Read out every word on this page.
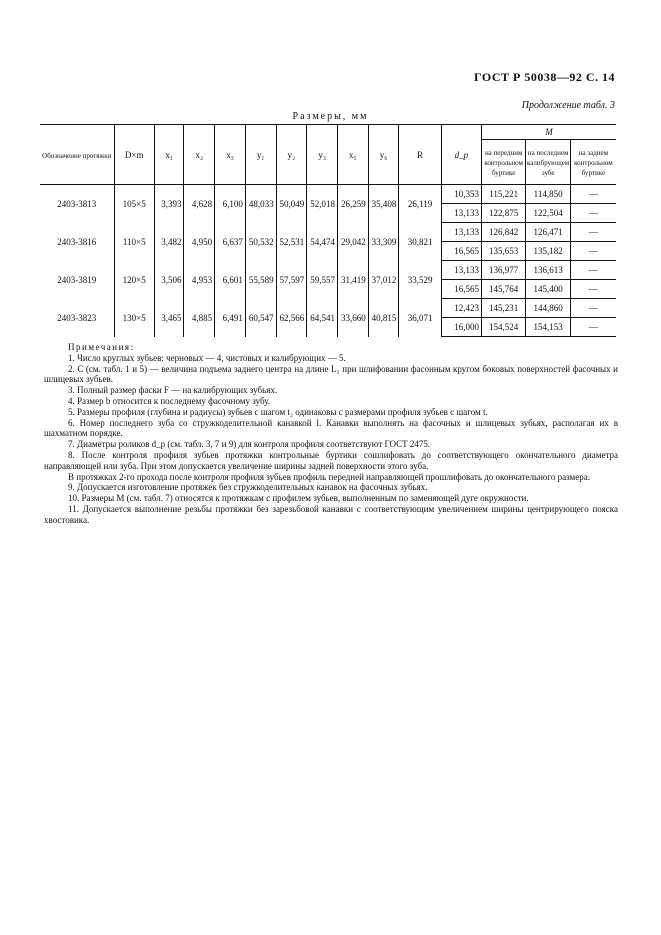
ГОСТ Р 50038—92 С. 14
Продолжение табл. 3
Размеры, мм
Обозначение протяжки	D×m	x₁	x₂	x₃	y₁	y₂	y₃	x₅	y₆	R	d_p	M		
												на передним контрольном буртике	на последнем калибрующем зубе	на заднем контрольном буртике
2403-3813	105×5	3,393	4,628	6,100	48,033	50,049	52,018	26,259	35,408	26,119	10,353	115,221	114,850	—
											13,133	122,875	122,504	—
2403-3816	110×5	3,482	4,950	6,637	50,532	52,531	54,474	29,042	33,309	30,821	13,133	126,842	126,471	—
											16,565	135,653	135,182	—
2403-3819	120×5	3,506	4,953	6,601	55,589	57,597	59,557	31,419	37,012	33,529	13,133	136,977	136,613	—
											16,565	145,764	145,400	—
2403-3823	130×5	3,465	4,885	6,491	60,547	62,566	64,541	33,660	40,815	36,071	12,423	145,231	144,860	—
											16,000	154,524	154,153	—

Примечания:

1. Число круглых зубьев: черновых — 4, чистовых и калибрующих — 5.

2. C (см. табл. 1 и 5) — величина подъема заднего центра на длине L₁ при шлифовании фасонным кругом боковых поверхностей фасочных и шлицевых зубьев.

3. Полный размер фаски F — на калибрующих зубьях.

4. Размер b относится к последнему фасочному зубу.

5. Размеры профиля (глубина и радиусы) зубьев с шагом t₂ одинаковы с размерами профиля зубьев с шагом t.

6. Номер последнего зуба со стружкоделительной канавкой l. Канавки выполнять на фасочных и шлицевых зубьях, располагая их в шахматном порядке.

7. Диаметры роликов d_p (см. табл. 3, 7 и 9) для контроля профиля соответствуют ГОСТ 2475.

8. После контроля профиля зубьев протяжки контрольные буртики сошлифовать до соответствующего окончательного диаметра направляющей или зуба. При этом допускается увеличение ширины задней поверхности этого зуба.

В протяжках 2-го прохода после контроля профиля зубьев профиль передней направляющей прошлифовать до окончательного размера.

9. Допускается изготовление протяжек без стружкоделительных канавок на фасочных зубьях.

10. Размеры M (см. табл. 7) относятся к протяжкам с профилем зубьев, выполненным по заменяющей дуге окружности.

11. Допускается выполнение резьбы протяжки без зарезьбовой канавки с соответствующим увеличением ширины центрирующего пояска хвостовика.
